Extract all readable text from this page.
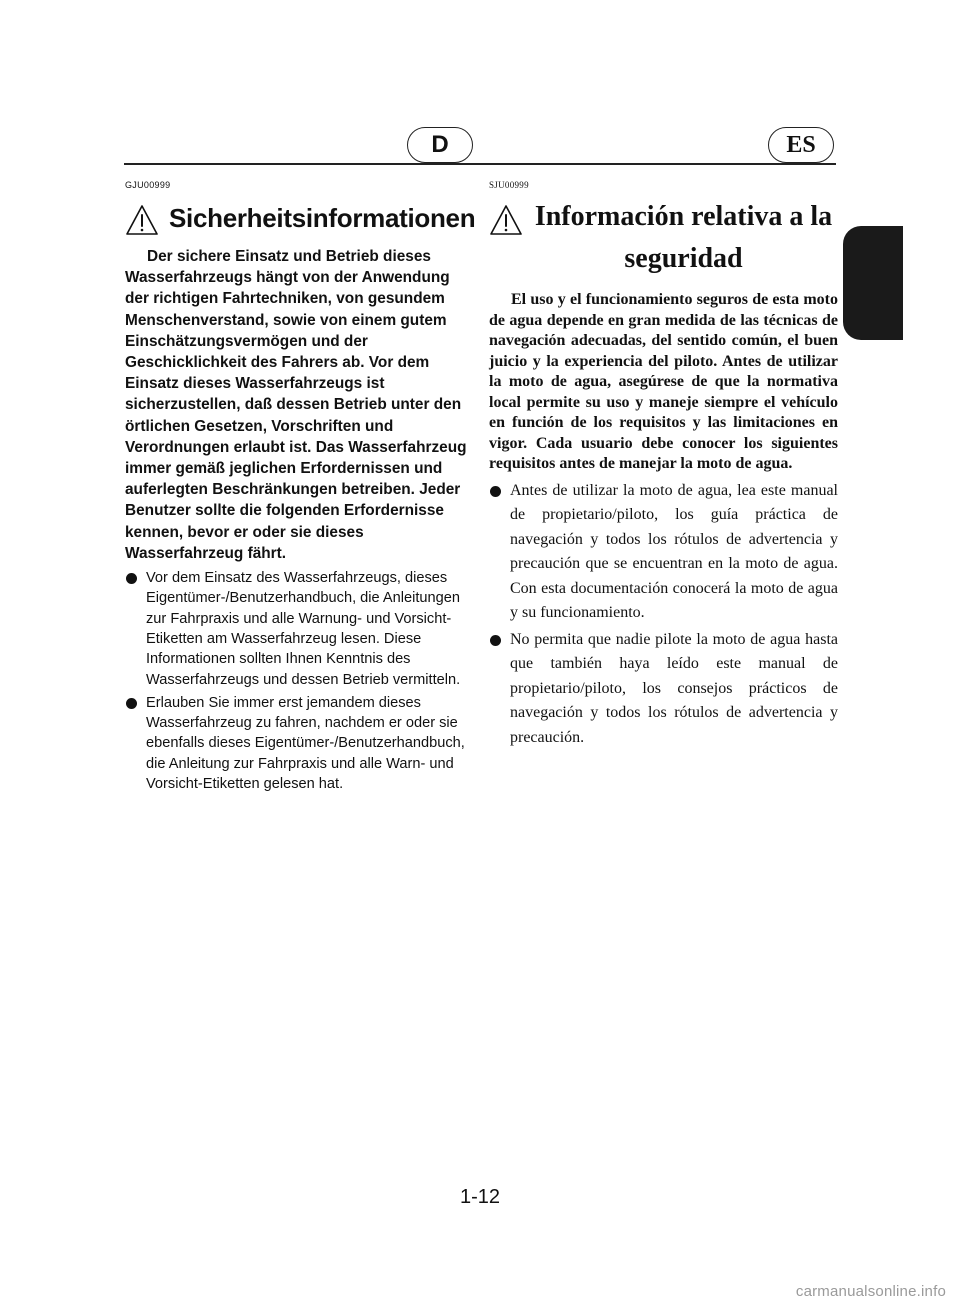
D	ES
GJU00999
Sicherheitsinformationen

Der sichere Einsatz und Betrieb dieses Wasserfahrzeugs hängt von der Anwendung der richtigen Fahrtechniken, von gesundem Menschenverstand, sowie von einem gutem Einschätzungsvermögen und der Geschicklichkeit des Fahrers ab. Vor dem Einsatz dieses Wasserfahrzeugs ist sicherzustellen, daß dessen Betrieb unter den örtlichen Gesetzen, Vorschriften und Verordnungen erlaubt ist. Das Wasserfahrzeug immer gemäß jeglichen Erfordernissen und auferlegten Beschränkungen betreiben. Jeder Benutzer sollte die folgenden Erfordernisse kennen, bevor er oder sie dieses Wasserfahrzeug fährt.

Vor dem Einsatz des Wasserfahrzeugs, dieses Eigentümer-/Benutzerhandbuch, die Anleitungen zur Fahrpraxis und alle Warnung- und Vorsicht-Etiketten am Wasserfahrzeug lesen. Diese Informationen sollten Ihnen Kenntnis des Wasserfahrzeugs und dessen Betrieb vermitteln.
Erlauben Sie immer erst jemandem dieses Wasserfahrzeug zu fahren, nachdem er oder sie ebenfalls dieses Eigentümer-/Benutzerhandbuch, die Anleitung zur Fahrpraxis und alle Warn- und Vorsicht-Etiketten gelesen hat.
SJU00999
Información relativa a la seguridad

El uso y el funcionamiento seguros de esta moto de agua depende en gran medida de las técnicas de navegación adecuadas, del sentido común, el buen juicio y la experiencia del piloto. Antes de utilizar la moto de agua, asegúrese de que la normativa local permite su uso y maneje siempre el vehículo en función de los requisitos y las limitaciones en vigor. Cada usuario debe conocer los siguientes requisitos antes de manejar la moto de agua.

Antes de utilizar la moto de agua, lea este manual de propietario/piloto, los guía práctica de navegación y todos los rótulos de advertencia y precaución que se encuentran en la moto de agua. Con esta documentación conocerá la moto de agua y su funcionamiento.
No permita que nadie pilote la moto de agua hasta que también haya leído este manual de propietario/piloto, los consejos prácticos de navegación y todos los rótulos de advertencia y precaución.
1-12
carmanualsonline.info
